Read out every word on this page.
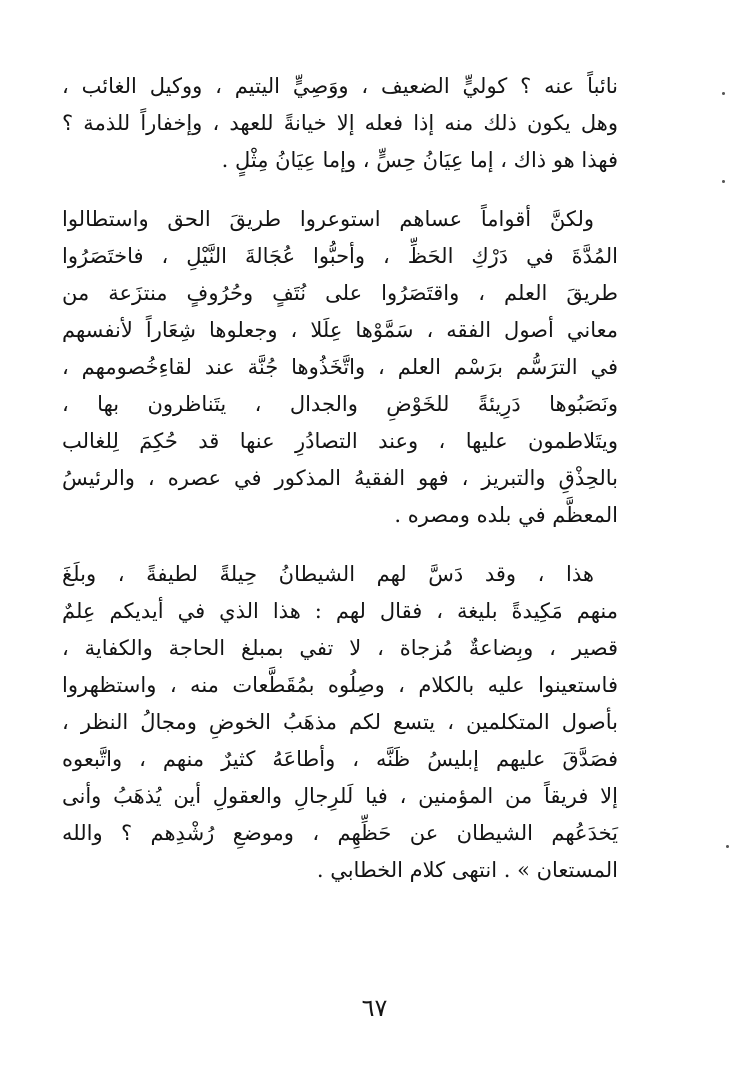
نائباً عنه ؟ كوليٍّ الضعيف ، ووَصِيٍّ اليتيم ، ووكيل الغائب ،
وهل يكون ذلك منه إذا فعله إلا خيانةً للعهد ، وإخفاراً للذمة ؟
فهذا هو ذاك ، إما عِيَانُ حِسٍّ ، وإما عِيَانُ مِثْلٍ .

ولكنَّ أقواماً عساهم استوعروا طريقَ الحق واستطالوا
المُدَّةَ في دَرْكِ الحَظِّ ، وأحبُّوا عُجَالةَ النَّيْلِ ، فاختَصَرُوا
طريقَ العلم ، واقتَصَرُوا على نُتَفٍ وحُرُوفٍ منتزَعة من
معاني أصول الفقه ، سَمَّوْها عِلَلا ، وجعلوها شِعَاراً لأنفسهم
في الترَسُّم برَسْم العلم ، واتَّخَذُوها جُنَّة عند لقاءِخُصومهم ،
ونَصَبُوها دَرِيئةً للخَوْضِ والجدال ، يتَناظرون بها ،
ويتَلاطمون عليها ، وعند التصادُرِ عنها قد حُكِمَ لِلغالب
بالحِذْقِ والتبريز ، فهو الفقيهُ المذكور في عصره ، والرئيسُ
المعظَّم في بلده ومصره .

هذا ، وقد دَسَّ لهم الشيطانُ حِيلةً لطيفةً ، وبلَغَ
منهم مَكِيدةً بليغة ، فقال لهم : هذا الذي في أيديكم عِلمٌ
قصير ، وبِضاعةٌ مُزجاة ، لا تفي بمبلغ الحاجة والكفاية ،
فاستعينوا عليه بالكلام ، وصِلُوه بمُقَطَّعات منه ، واستظهروا
بأصول المتكلمين ، يتسع لكم مذهَبُ الخوضِ ومجالُ النظر ،
فصَدَّقَ عليهم إبليسُ ظَنَّه ، وأطاعَهُ كثيرٌ منهم ، واتَّبعوه
إلا فريقاً من المؤمنين ، فيا لَلرِجالِ والعقولِ أين يُذهَبُ وأنى
يَخدَعُهم الشيطان عن حَظِّهِم ، وموضعِ رُشْدِهم ؟ والله
المستعان » . انتهى كلام الخطابي .

٦٧
